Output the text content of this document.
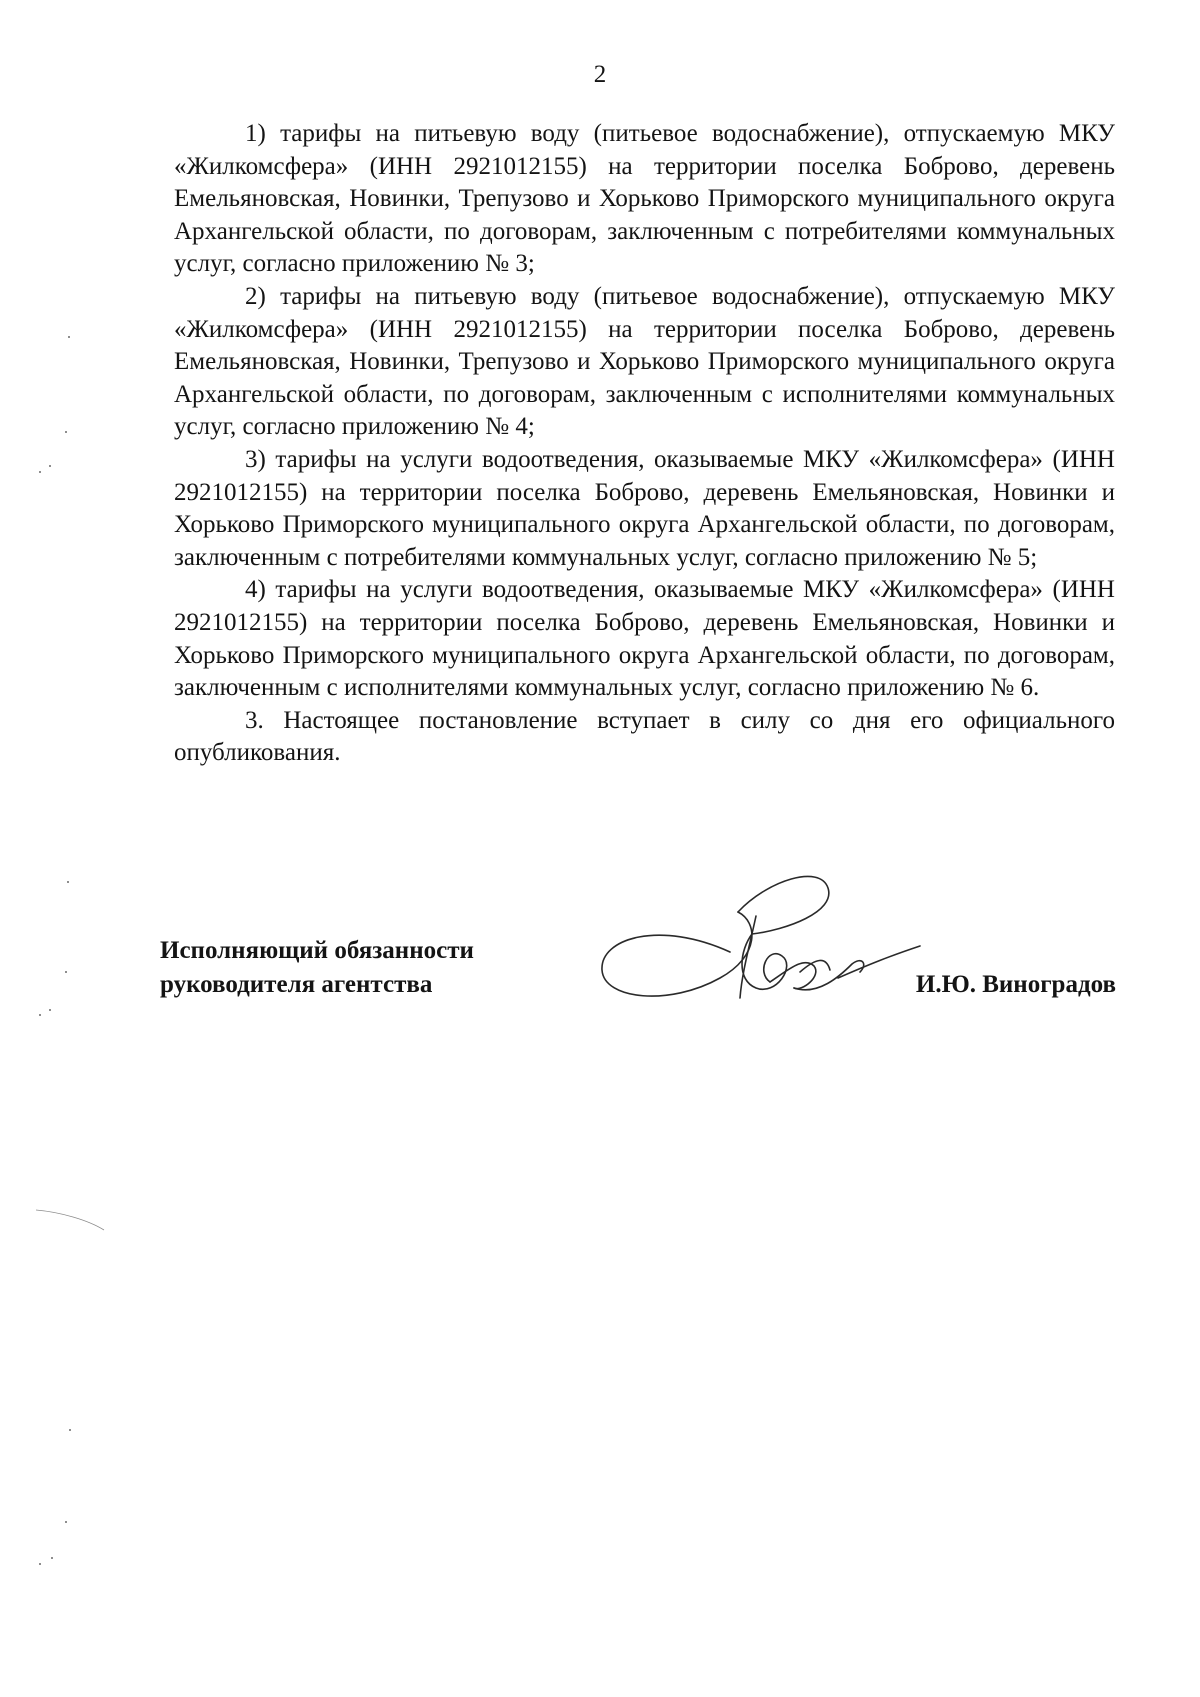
2

1) тарифы на питьевую воду (питьевое водоснабжение), отпускаемую МКУ «Жилкомсфера» (ИНН 2921012155) на территории поселка Боброво, деревень Емельяновская, Новинки, Трепузово и Хорьково Приморского муниципального округа Архангельской области, по договорам, заключенным с потребителями коммунальных услуг, согласно приложению № 3;

2) тарифы на питьевую воду (питьевое водоснабжение), отпускаемую МКУ «Жилкомсфера» (ИНН 2921012155) на территории поселка Боброво, деревень Емельяновская, Новинки, Трепузово и Хорьково Приморского муниципального округа Архангельской области, по договорам, заключенным с исполнителями коммунальных услуг, согласно приложению № 4;

3) тарифы на услуги водоотведения, оказываемые МКУ «Жилкомсфера» (ИНН 2921012155) на территории поселка Боброво, деревень Емельяновская, Новинки и Хорьково Приморского муниципального округа Архангельской области, по договорам, заключенным с потребителями коммунальных услуг, согласно приложению № 5;

4) тарифы на услуги водоотведения, оказываемые МКУ «Жилкомсфера» (ИНН 2921012155) на территории поселка Боброво, деревень Емельяновская, Новинки и Хорьково Приморского муниципального округа Архангельской области, по договорам, заключенным с исполнителями коммунальных услуг, согласно приложению № 6.

3. Настоящее постановление вступает в силу со дня его официального опубликования.

Исполняющий обязанности
руководителя агентства	И.Ю. Виноградов
